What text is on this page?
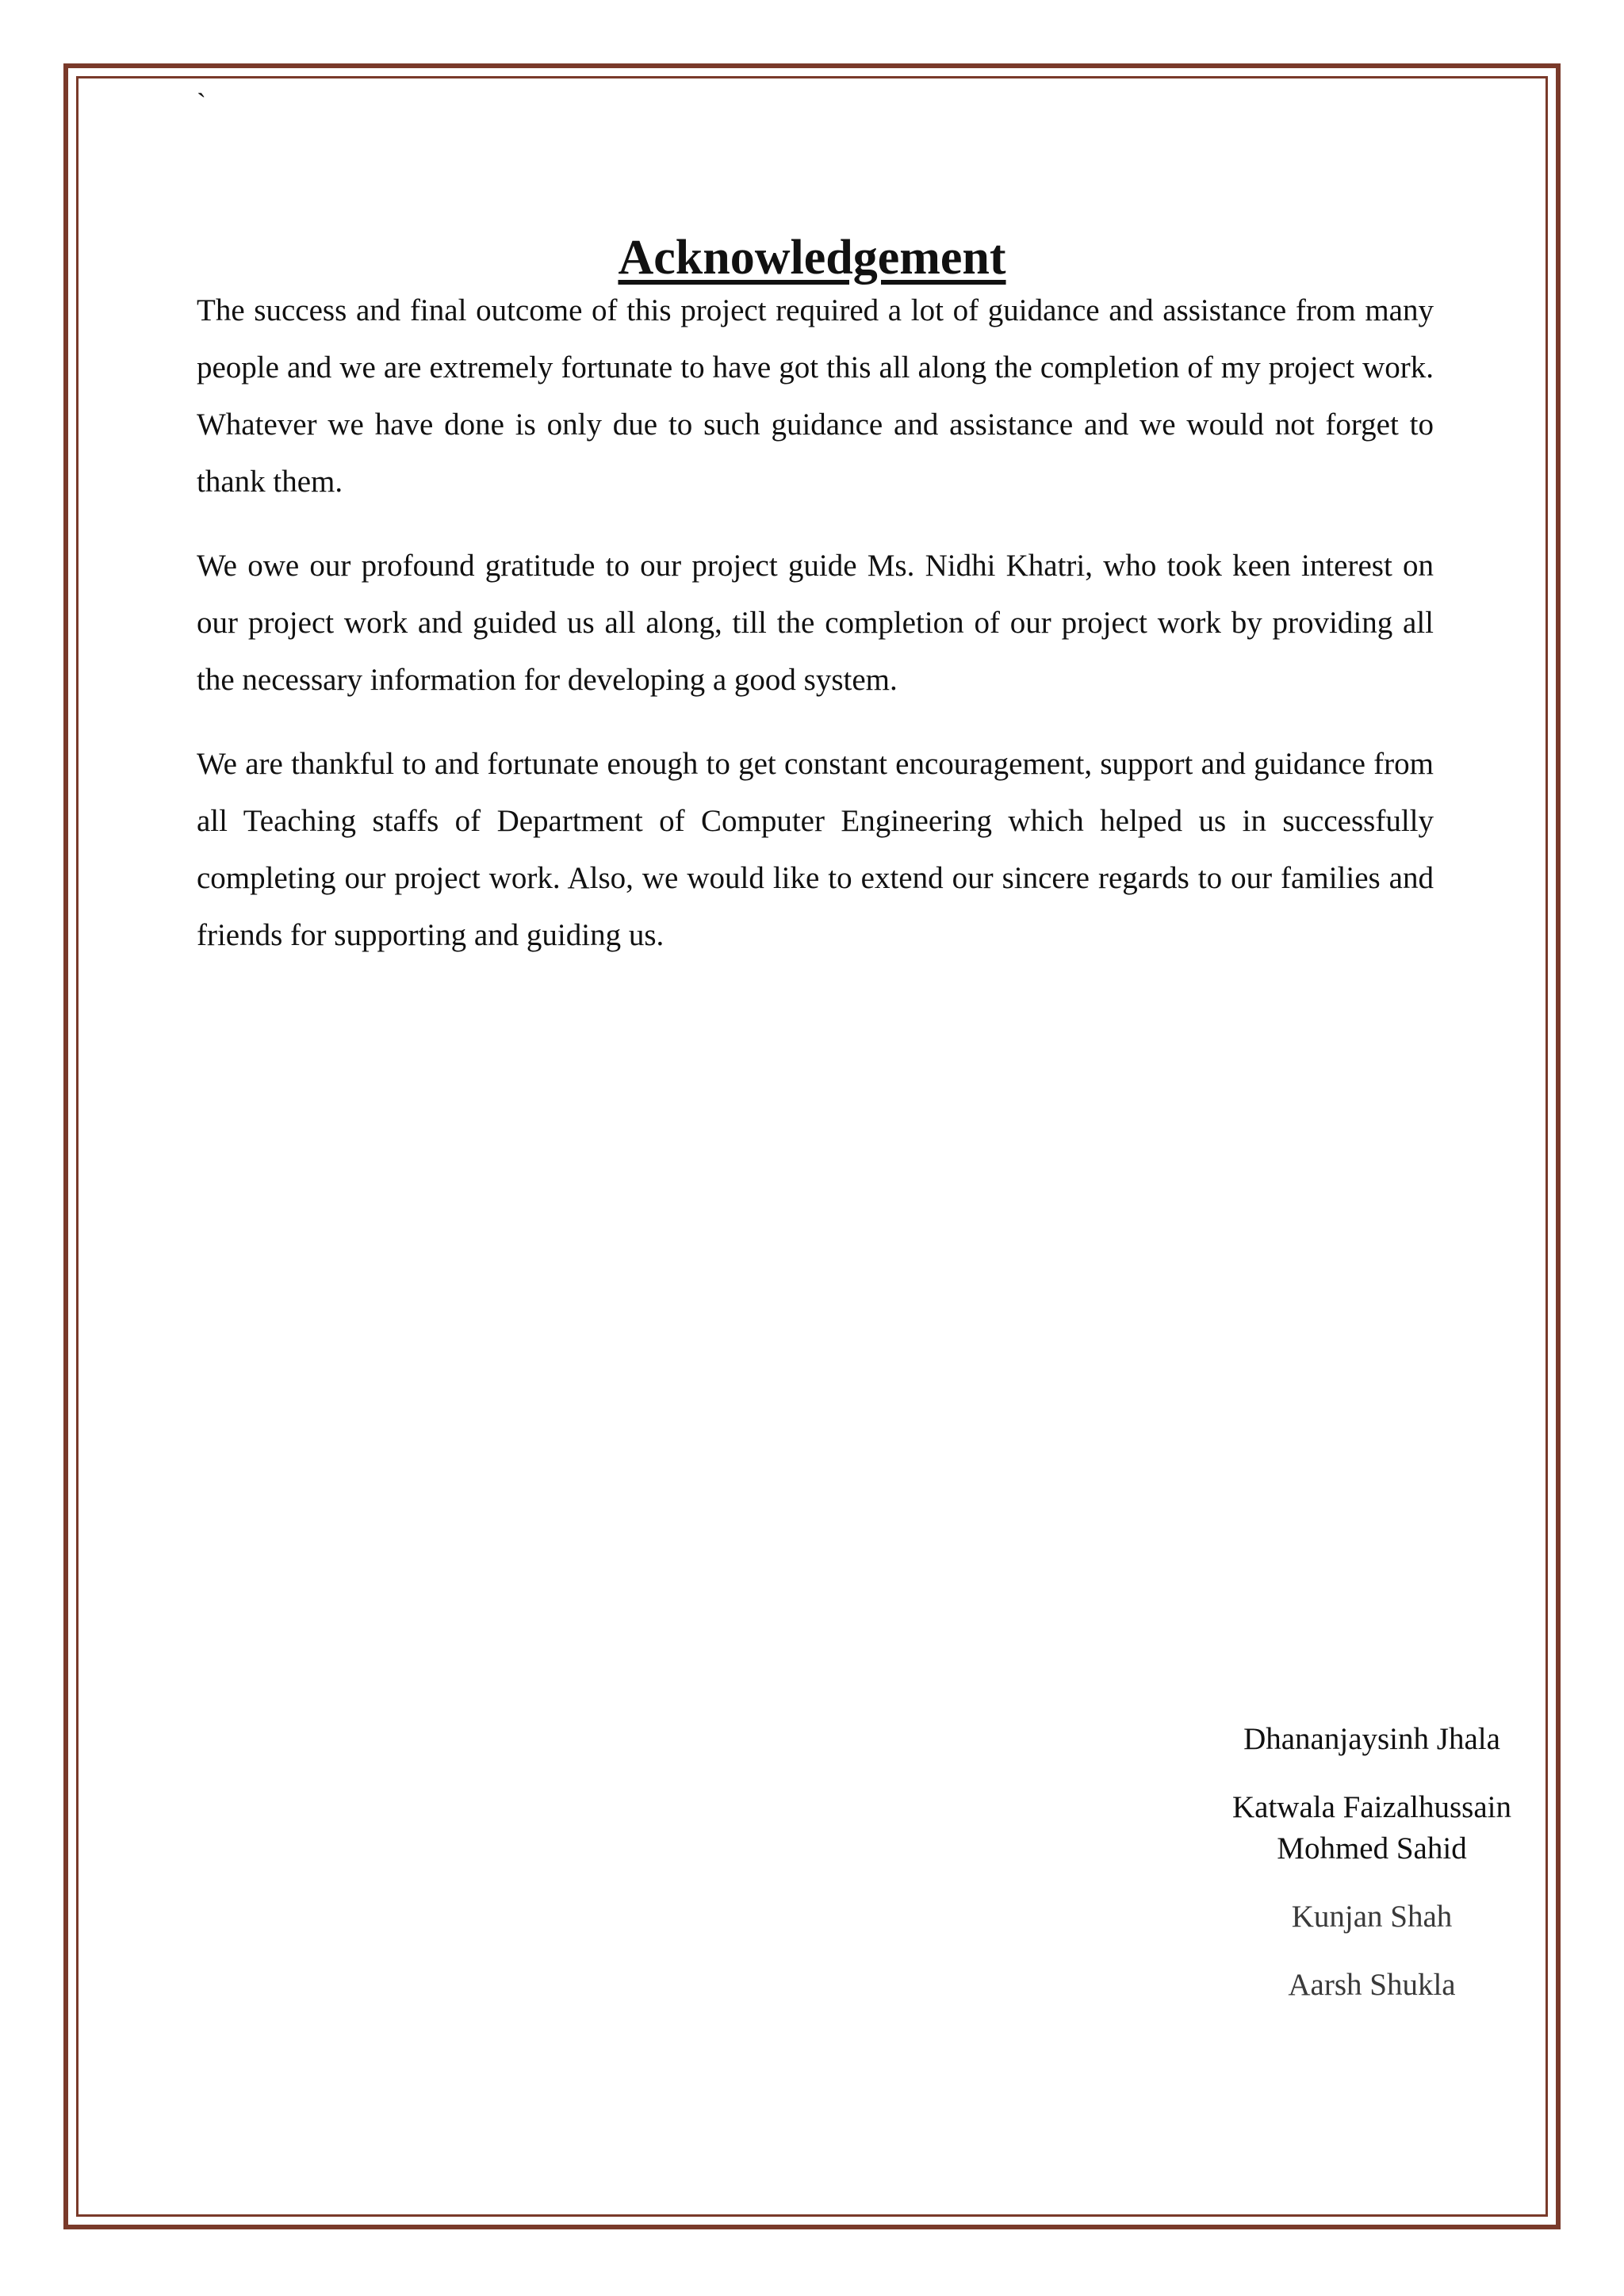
`
Acknowledgement

The success and final outcome of this project required a lot of guidance and assistance from many people and we are extremely fortunate to have got this all along the completion of my project work. Whatever we have done is only due to such guidance and assistance and we would not forget to thank them.

We owe our profound gratitude to our project guide Ms. Nidhi Khatri, who took keen interest on our project work and guided us all along, till the completion of our project work by providing all the necessary information for developing a good system.

We are thankful to and fortunate enough to get constant encouragement, support and guidance from all Teaching staffs of Department of Computer Engineering which helped us in successfully completing our project work. Also, we would like to extend our sincere regards to our families and friends for supporting and guiding us.

Dhananjaysinh Jhala
Katwala Faizalhussain
Mohmed Sahid
Kunjan Shah
Aarsh Shukla
